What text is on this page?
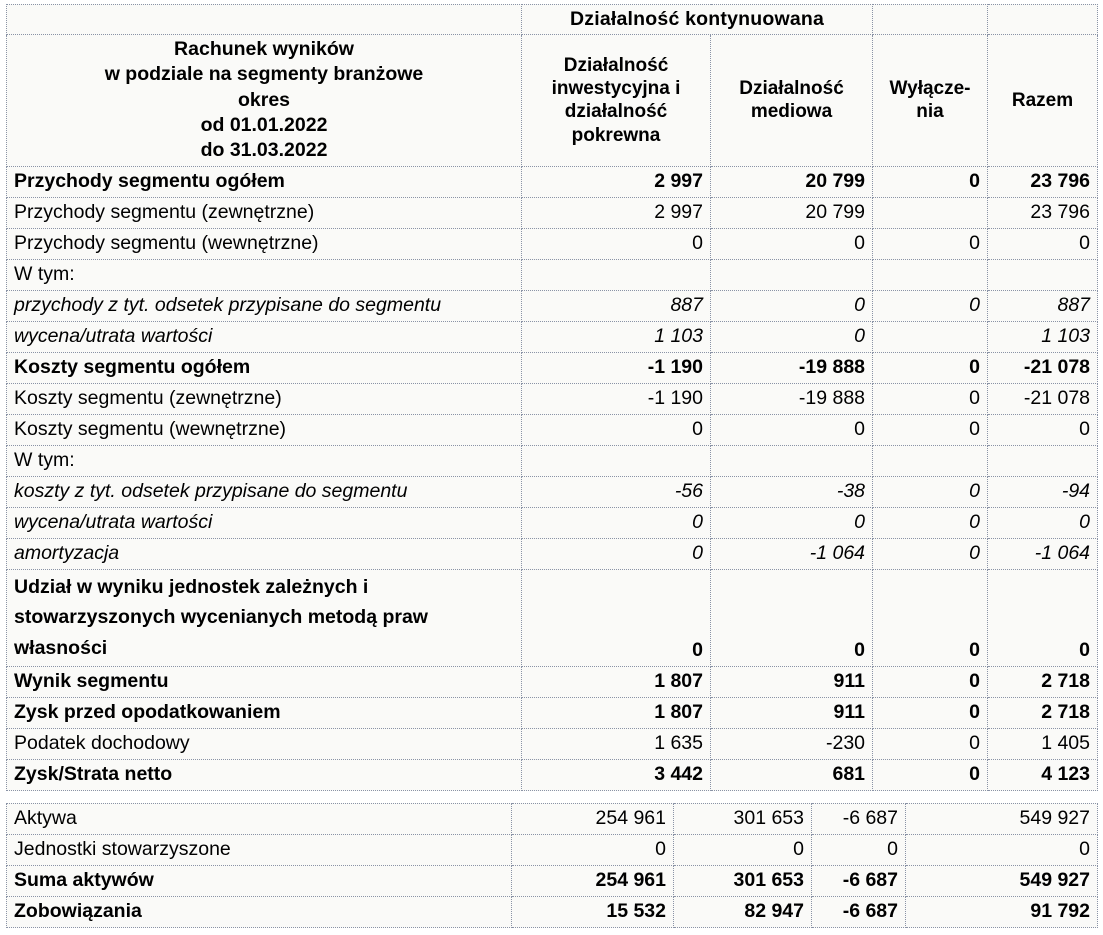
	Działalność kontynuowana			

Rachunek wyników
w podziale na segmenty branżowe
okres
od 01.01.2022
do 31.03.2022	Działalność inwestycyjna i działalność pokrewna	Działalność mediowa	Wyłącze-nia	Razem
Przychody segmentu ogółem	2 997	20 799	0	23 796
Przychody segmentu (zewnętrzne)	2 997	20 799		23 796
Przychody segmentu (wewnętrzne)	0	0	0	0
W tym:				
przychody z tyt. odsetek przypisane do segmentu	887	0	0	887
wycena/utrata wartości	1 103	0		1 103
Koszty segmentu ogółem	-1 190	-19 888	0	-21 078
Koszty segmentu (zewnętrzne)	-1 190	-19 888	0	-21 078
Koszty segmentu (wewnętrzne)	0	0	0	0
W tym:				
koszty z tyt. odsetek przypisane do segmentu	-56	-38	0	-94
wycena/utrata wartości	0	0	0	0
amortyzacja	0	-1 064	0	-1 064
Udział w wyniku jednostek zależnych i stowarzyszonych wycenianych metodą praw własności	0	0	0	0
Wynik segmentu	1 807	911	0	2 718
Zysk przed opodatkowaniem	1 807	911	0	2 718
Podatek dochodowy	1 635	-230	0	1 405
Zysk/Strata netto	3 442	681	0	4 123
Aktywa	254 961	301 653	-6 687	549 927
Jednostki stowarzyszone	0	0	0	0
Suma aktywów	254 961	301 653	-6 687	549 927
Zobowiązania	15 532	82 947	-6 687	91 792
